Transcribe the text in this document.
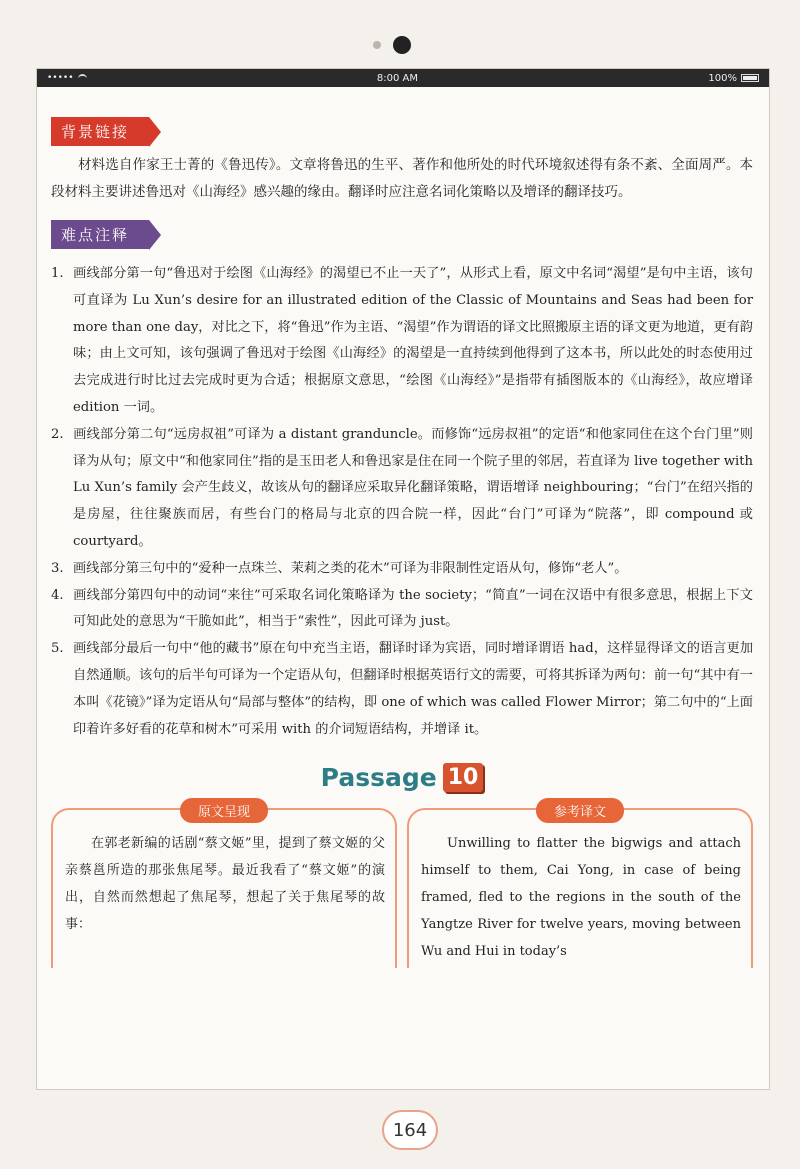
•••••	8:00 AM	100%
背景链接

材料选自作家王士菁的《鲁迅传》。文章将鲁迅的生平、著作和他所处的时代环境叙述得有条不紊、全面周严。本段材料主要讲述鲁迅对《山海经》感兴趣的缘由。翻译时应注意名词化策略以及增译的翻译技巧。

难点注释
1. 画线部分第一句“鲁迅对于绘图《山海经》的渴望已不止一天了”，从形式上看，原文中名词“渴望”是句中主语，该句可直译为 Lu Xun’s desire for an illustrated edition of the Classic of Mountains and Seas had been for more than one day，对比之下，将“鲁迅”作为主语、“渴望”作为谓语的译文比照搬原主语的译文更为地道，更有韵味；由上文可知，该句强调了鲁迅对于绘图《山海经》的渴望是一直持续到他得到了这本书，所以此处的时态使用过去完成进行时比过去完成时更为合适；根据原文意思，“绘图《山海经》”是指带有插图版本的《山海经》，故应增译 edition 一词。
2. 画线部分第二句“远房叔祖”可译为 a distant granduncle。而修饰“远房叔祖”的定语“和他家同住在这个台门里”则译为从句；原文中“和他家同住”指的是玉田老人和鲁迅家是住在同一个院子里的邻居，若直译为 live together with Lu Xun’s family 会产生歧义，故该从句的翻译应采取异化翻译策略，谓语增译 neighbouring；“台门”在绍兴指的是房屋，往往聚族而居，有些台门的格局与北京的四合院一样，因此“台门”可译为“院落”，即 compound 或 courtyard。
3. 画线部分第三句中的“爱种一点珠兰、茉莉之类的花木”可译为非限制性定语从句，修饰“老人”。
4. 画线部分第四句中的动词“来往”可采取名词化策略译为 the society；“简直”一词在汉语中有很多意思，根据上下文可知此处的意思为“干脆如此”，相当于“索性”，因此可译为 just。
5. 画线部分最后一句中“他的藏书”原在句中充当主语，翻译时译为宾语，同时增译谓语 had，这样显得译文的语言更加自然通顺。该句的后半句可译为一个定语从句，但翻译时根据英语行文的需要，可将其拆译为两句：前一句“其中有一本叫《花镜》”译为定语从句“局部与整体”的结构，即 one of which was called Flower Mirror；第二句中的“上面印着许多好看的花草和树木”可采用 with 的介词短语结构，并增译 it。
Passage 10
原文呈现

在郭老新编的话剧“蔡文姬”里，提到了蔡文姬的父亲蔡邕所造的那张焦尾琴。最近我看了“蔡文姬”的演出，自然而然想起了焦尾琴，想起了关于焦尾琴的故事：

参考译文

Unwilling to flatter the bigwigs and attach himself to them, Cai Yong, in case of being framed, fled to the regions in the south of the Yangtze River for twelve years, moving between Wu and Hui in today’s

164
